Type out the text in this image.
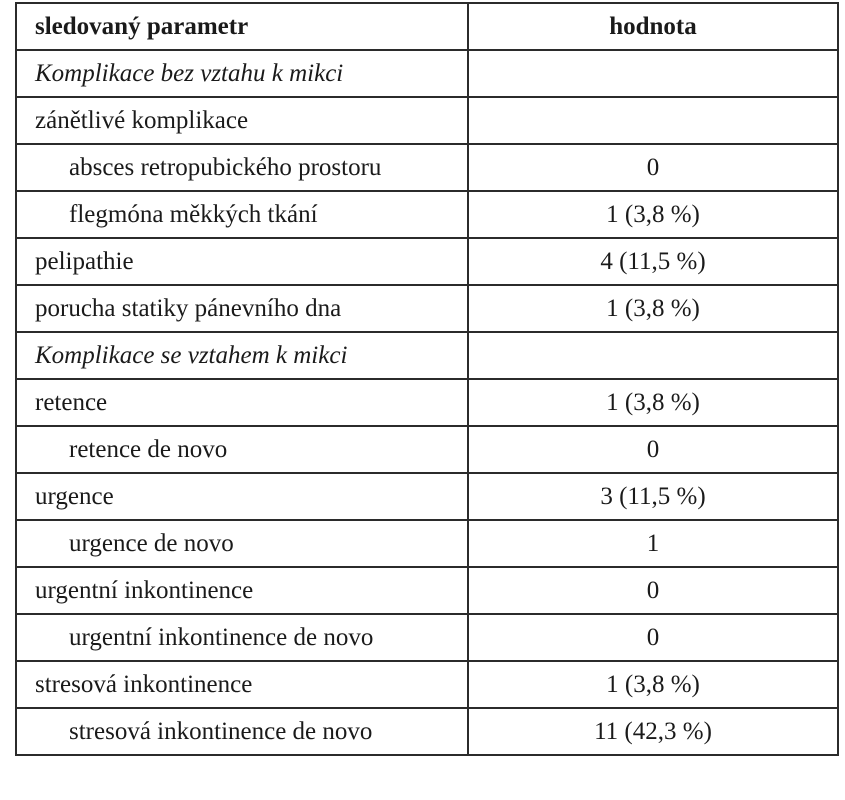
sledovaný parametr	hodnota
Komplikace bez vztahu k mikci	
zánětlivé komplikace	
absces retropubického prostoru	0
flegmóna měkkých tkání	1 (3,8 %)
pelipathie	4 (11,5 %)
porucha statiky pánevního dna	1 (3,8 %)
Komplikace se vztahem k mikci	
retence	1 (3,8 %)
retence de novo	0
urgence	3 (11,5 %)
urgence de novo	1
urgentní inkontinence	0
urgentní inkontinence de novo	0
stresová inkontinence	1 (3,8 %)
stresová inkontinence de novo	11 (42,3 %)
